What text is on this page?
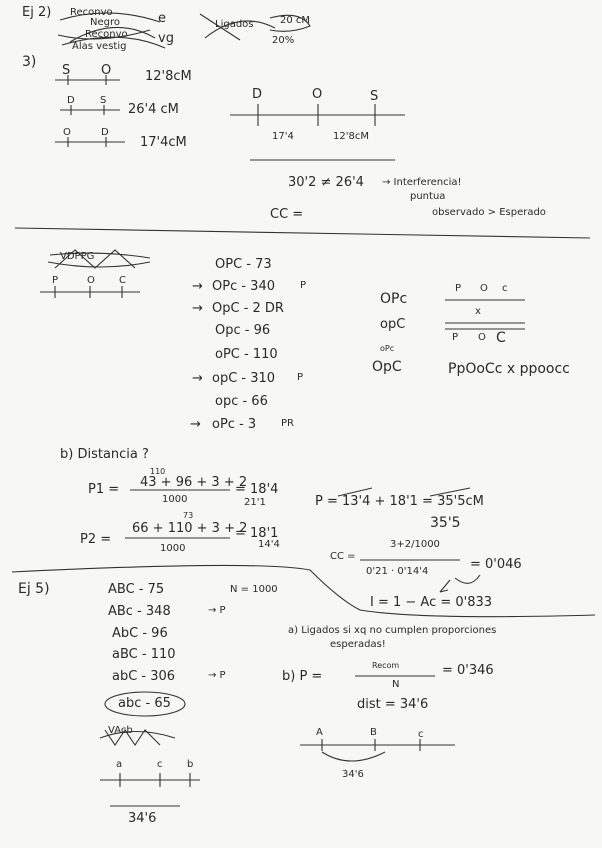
Ej 2) Reconvo
Negro
Reconvo
Alas vestig
e
vg
Ligados	20 cM
20%
3)
S O	12'8cM
D	S
26'4 cM
O	D
17'4cM
D	O	S
17'4	12'8cM
30'2 ≠ 26'4 → Interferencia!
puntua
CC =	observado > Esperado
VDPPG
P	O C
OPC - 73
→ OPc - 340	P
→ OpC - 2 DR
Opc - 96
oPC - 110
→ opC - 310 P
opc - 66
→ oPc - 3 PR
OPc
opC
oPc
OpC
P O c
x
P O C
PpOoCc x ppoocc
b) Distancia ?
P1 =
110
43 + 96 + 3 + 2
1000
= 18'4
21'1
P2 =
73
66 + 110 + 3 + 2
1000
= 18'1
14'4
P = 13'4 + 18'1 = 35'5cM
35'5
CC =
3+2/1000
0'21 · 0'14'4	= 0'046
I = 1 − Ac = 0'833
Ej 5)	N = 1000
ABC - 75
ABc - 348	→ P
AbC - 96
aBC - 110
abC - 306	→ P
abc - 65
VAcb
a	c b
34'6
a) Ligados si xq no cumplen proporciones
esperadas!
b) P =
Recom
N
= 0'346
dist = 34'6
A	B	c
34'6
